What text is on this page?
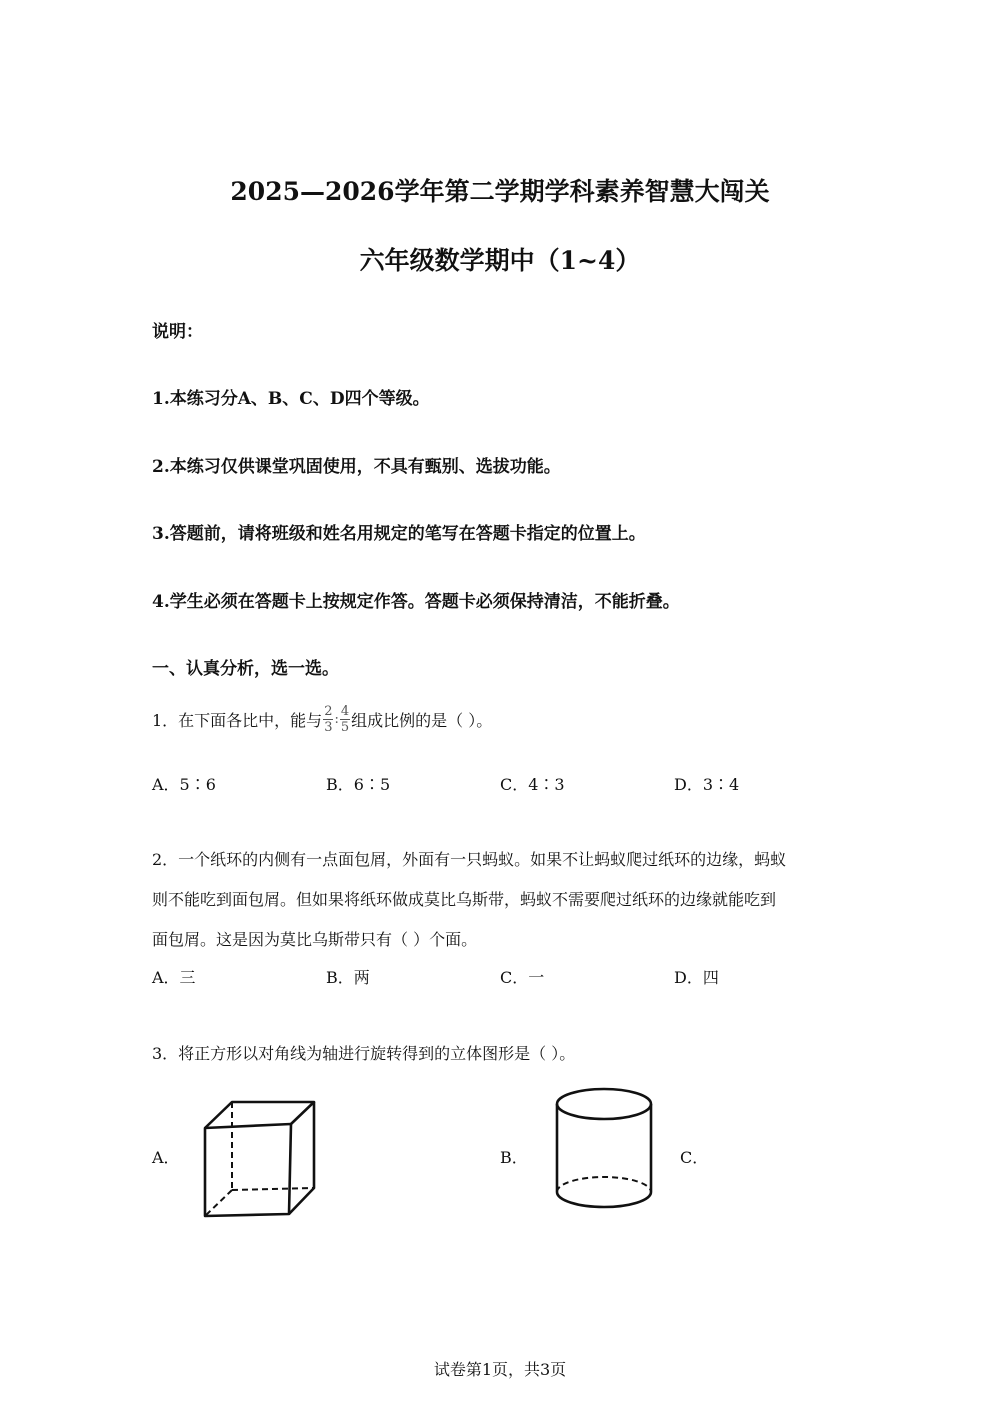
2025—2026学年第二学期学科素养智慧大闯关
六年级数学期中（1~4）
说明：
1.本练习分A、B、C、D四个等级。
2.本练习仅供课堂巩固使用，不具有甄别、选拔功能。
3.答题前，请将班级和姓名用规定的笔写在答题卡指定的位置上。
4.学生必须在答题卡上按规定作答。答题卡必须保持清洁，不能折叠。
一、认真分析，选一选。
1．在下面各比中，能与 $\frac{2}{3}$ : $\frac{4}{5}$ 组成比例的是（ ）。
A．5∶6	B．6∶5	C．4∶3	D．3∶4
2．一个纸环的内侧有一点面包屑，外面有一只蚂蚁。如果不让蚂蚁爬过纸环的边缘，蚂蚁
则不能吃到面包屑。但如果将纸环做成莫比乌斯带，蚂蚁不需要爬过纸环的边缘就能吃到
面包屑。这是因为莫比乌斯带只有（ ）个面。
A．三	B．两	C．一	D．四
3．将正方形以对角线为轴进行旋转得到的立体图形是（ ）。
A．	B．	C．
试卷第1页，共3页
